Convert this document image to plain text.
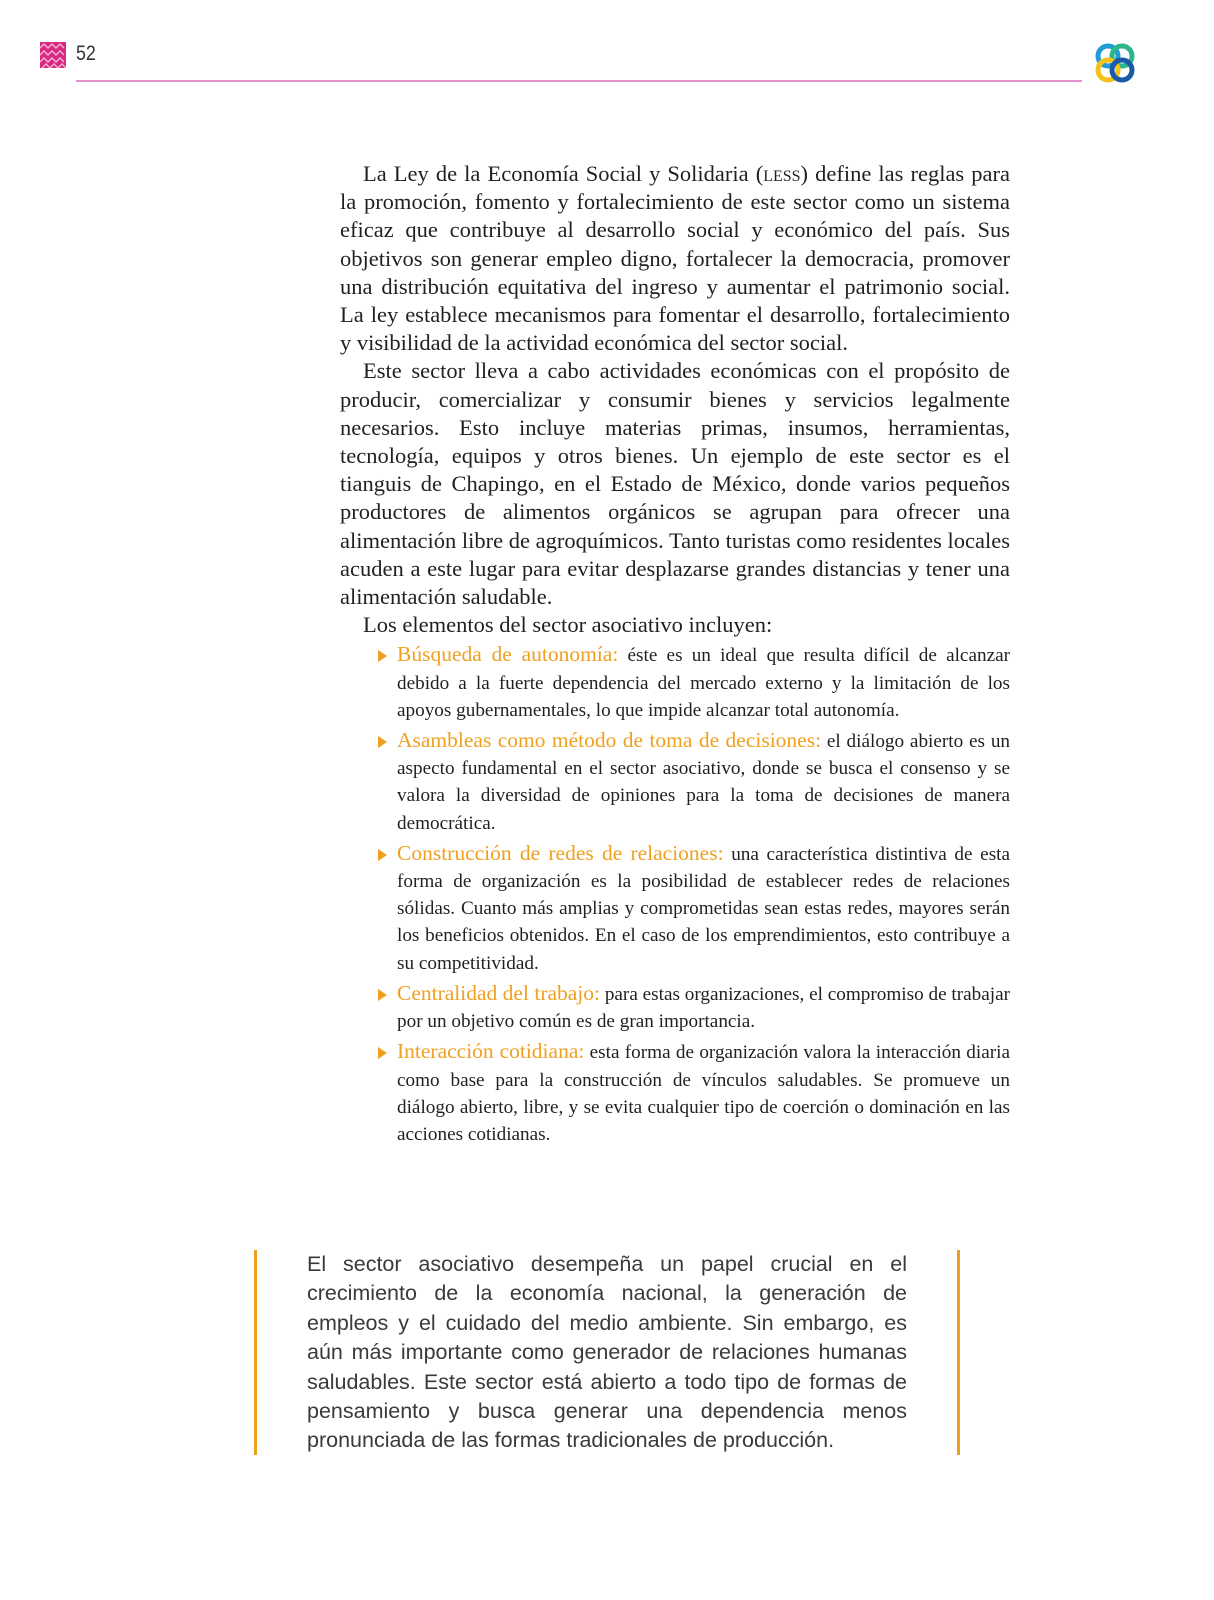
52

La Ley de la Economía Social y Solidaria (less) define las reglas para la promoción, fomento y fortalecimiento de este sector como un sistema eficaz que contribuye al desarrollo social y económico del país. Sus objetivos son generar empleo digno, fortalecer la democracia, promover una distribución equitativa del ingreso y aumentar el patrimonio social. La ley establece mecanismos para fomentar el desarrollo, fortalecimiento y visibilidad de la actividad económica del sector social.

Este sector lleva a cabo actividades económicas con el propósito de producir, comercializar y consumir bienes y servicios legalmente necesarios. Esto incluye materias primas, insumos, herramientas, tecnología, equipos y otros bienes. Un ejemplo de este sector es el tianguis de Chapingo, en el Estado de México, donde varios pequeños productores de alimentos orgánicos se agrupan para ofrecer una alimentación libre de agroquímicos. Tanto turistas como residentes locales acuden a este lugar para evitar desplazarse grandes distancias y tener una alimentación saludable.

Los elementos del sector asociativo incluyen:

Búsqueda de autonomía: éste es un ideal que resulta difícil de alcanzar debido a la fuerte dependencia del mercado externo y la limitación de los apoyos gubernamentales, lo que impide alcanzar total autonomía.
Asambleas como método de toma de decisiones: el diálogo abierto es un aspecto fundamental en el sector asociativo, donde se busca el consenso y se valora la diversidad de opiniones para la toma de decisiones de manera democrática.
Construcción de redes de relaciones: una característica distintiva de esta forma de organización es la posibilidad de establecer redes de relaciones sólidas. Cuanto más amplias y comprometidas sean estas redes, mayores serán los beneficios obtenidos. En el caso de los emprendimientos, esto contribuye a su competitividad.
Centralidad del trabajo: para estas organizaciones, el compromiso de trabajar por un objetivo común es de gran importancia.
Interacción cotidiana: esta forma de organización valora la interacción diaria como base para la construcción de vínculos saludables. Se promueve un diálogo abierto, libre, y se evita cualquier tipo de coerción o dominación en las acciones cotidianas.

El sector asociativo desempeña un papel crucial en el crecimiento de la economía nacional, la generación de empleos y el cuidado del medio ambiente. Sin embargo, es aún más importante como generador de relaciones humanas saludables. Este sector está abierto a todo tipo de formas de pensamiento y busca generar una dependencia menos pronunciada de las formas tradicionales de producción.
